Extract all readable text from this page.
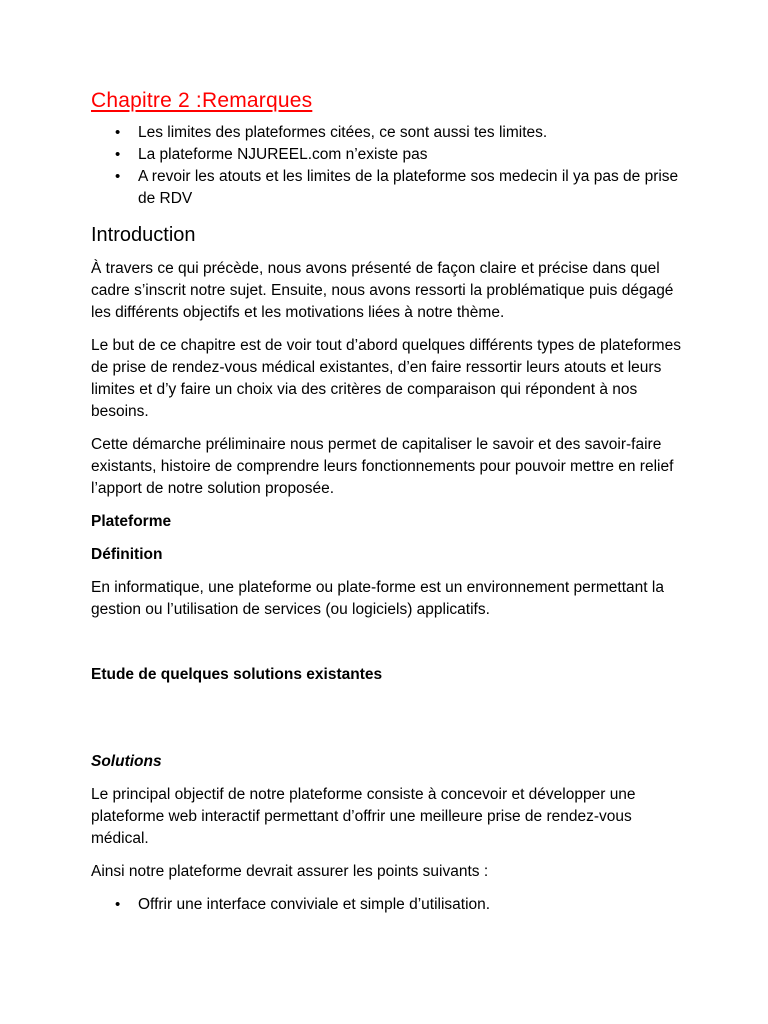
Chapitre 2 :Remarques
• Les limites des plateformes citées, ce sont aussi tes limites.
• La plateforme NJUREEL.com n’existe pas
• A revoir les atouts et les limites de la plateforme sos medecin il ya pas de prise de RDV
Introduction

À travers ce qui précède, nous avons présenté de façon claire et précise dans quel cadre s’inscrit notre sujet. Ensuite, nous avons ressorti la problématique puis dégagé les différents objectifs et les motivations liées à notre thème.

Le but de ce chapitre est de voir tout d’abord quelques différents types de plateformes de prise de rendez-vous médical existantes, d’en faire ressortir leurs atouts et leurs limites et d’y faire un choix via des critères de comparaison qui répondent à nos besoins.

Cette démarche préliminaire nous permet de capitaliser le savoir et des savoir-faire existants, histoire de comprendre leurs fonctionnements pour pouvoir mettre en relief l’apport de notre solution proposée.

Plateforme

Définition

En informatique, une plateforme ou plate-forme est un environnement permettant la gestion ou l’utilisation de services (ou logiciels) applicatifs.

Etude de quelques solutions existantes

Solutions

Le principal objectif de notre plateforme consiste à concevoir et développer une plateforme web interactif permettant d’offrir une meilleure prise de rendez-vous médical.

Ainsi notre plateforme devrait assurer les points suivants :

• Offrir une interface conviviale et simple d’utilisation.
